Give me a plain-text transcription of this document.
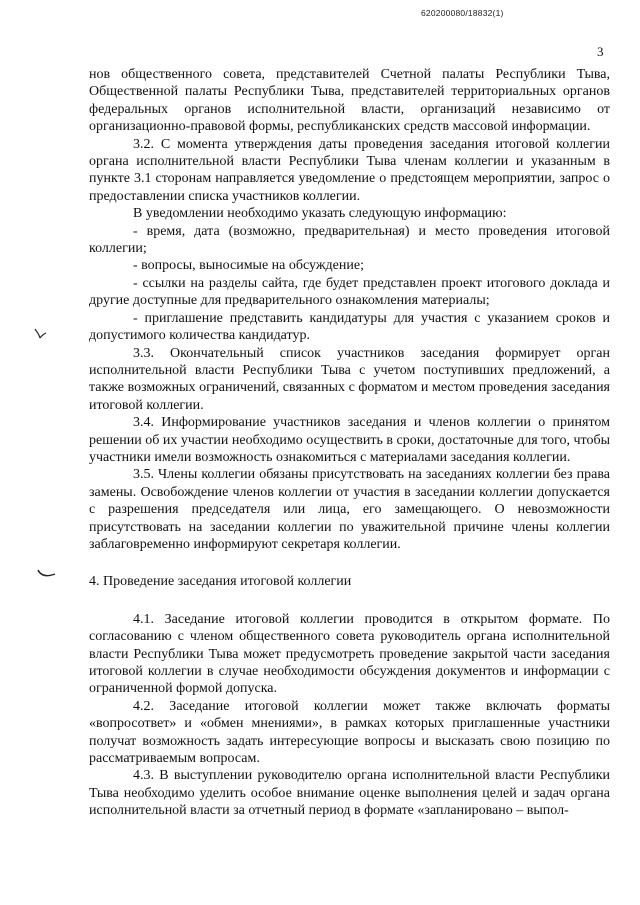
620200080/18832(1)
3

нов общественного совета, представителей Счетной палаты Республики Тыва, Общественной палаты Республики Тыва, представителей территориальных органов федеральных органов исполнительной власти, организаций независимо от организационно-правовой формы, республиканских средств массовой информации.

3.2. С момента утверждения даты проведения заседания итоговой коллегии органа исполнительной власти Республики Тыва членам коллегии и указанным в пункте 3.1 сторонам направляется уведомление о предстоящем мероприятии, запрос о предоставлении списка участников коллегии.

В уведомлении необходимо указать следующую информацию:

- время, дата (возможно, предварительная) и место проведения итоговой коллегии;

- вопросы, выносимые на обсуждение;

- ссылки на разделы сайта, где будет представлен проект итогового доклада и другие доступные для предварительного ознакомления материалы;

- приглашение представить кандидатуры для участия с указанием сроков и допустимого количества кандидатур.

3.3. Окончательный список участников заседания формирует орган исполнительной власти Республики Тыва с учетом поступивших предложений, а также возможных ограничений, связанных с форматом и местом проведения заседания итоговой коллегии.

3.4. Информирование участников заседания и членов коллегии о принятом решении об их участии необходимо осуществить в сроки, достаточные для того, чтобы участники имели возможность ознакомиться с материалами заседания коллегии.

3.5. Члены коллегии обязаны присутствовать на заседаниях коллегии без права замены. Освобождение членов коллегии от участия в заседании коллегии допускается с разрешения председателя или лица, его замещающего. О невозможности присутствовать на заседании коллегии по уважительной причине члены коллегии заблаговременно информируют секретаря коллегии.

4. Проведение заседания итоговой коллегии

4.1. Заседание итоговой коллегии проводится в открытом формате. По согласованию с членом общественного совета руководитель органа исполнительной власти Республики Тыва может предусмотреть проведение закрытой части заседания итоговой коллегии в случае необходимости обсуждения документов и информации с ограниченной формой допуска.

4.2. Заседание итоговой коллегии может также включать форматы «вопросответ» и «обмен мнениями», в рамках которых приглашенные участники получат возможность задать интересующие вопросы и высказать свою позицию по рассматриваемым вопросам.

4.3. В выступлении руководителю органа исполнительной власти Республики Тыва необходимо уделить особое внимание оценке выполнения целей и задач органа исполнительной власти за отчетный период в формате «запланировано – выпол-
